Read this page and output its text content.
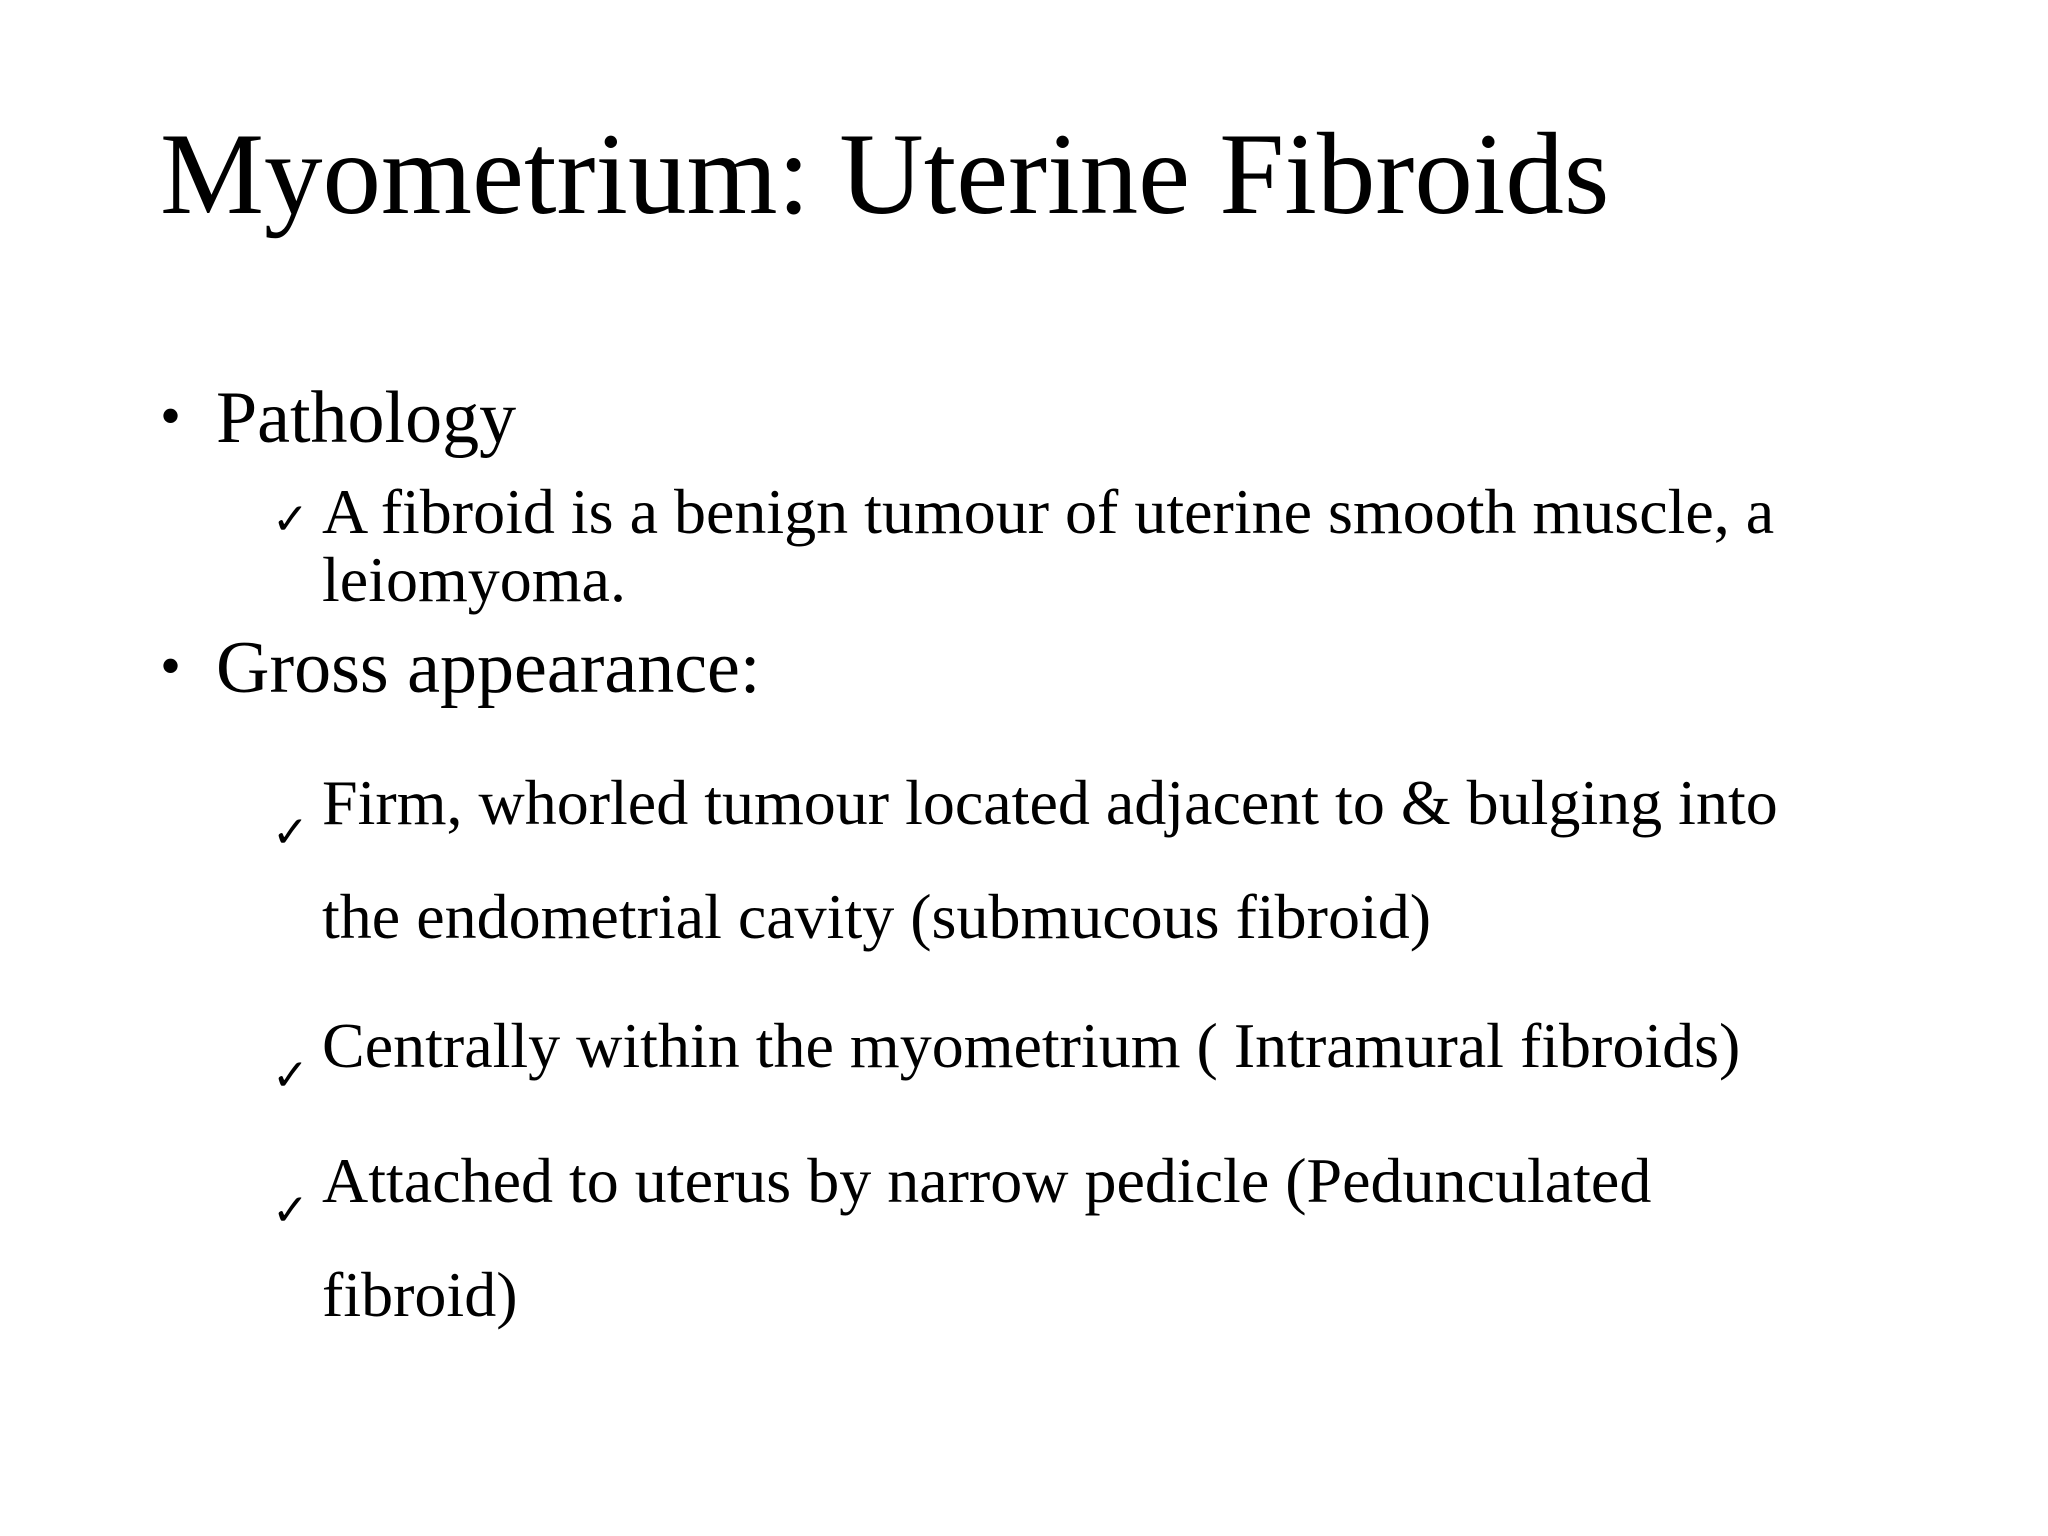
Myometrium: Uterine Fibroids
• Pathology
✓ A fibroid is a benign tumour of uterine smooth muscle, a
leiomyoma.
• Gross appearance:
✓ Firm, whorled tumour located adjacent to & bulging into
the endometrial cavity (submucous fibroid)
✓ Centrally within the myometrium ( Intramural fibroids)
✓ Attached to uterus by narrow pedicle (Pedunculated
fibroid)
